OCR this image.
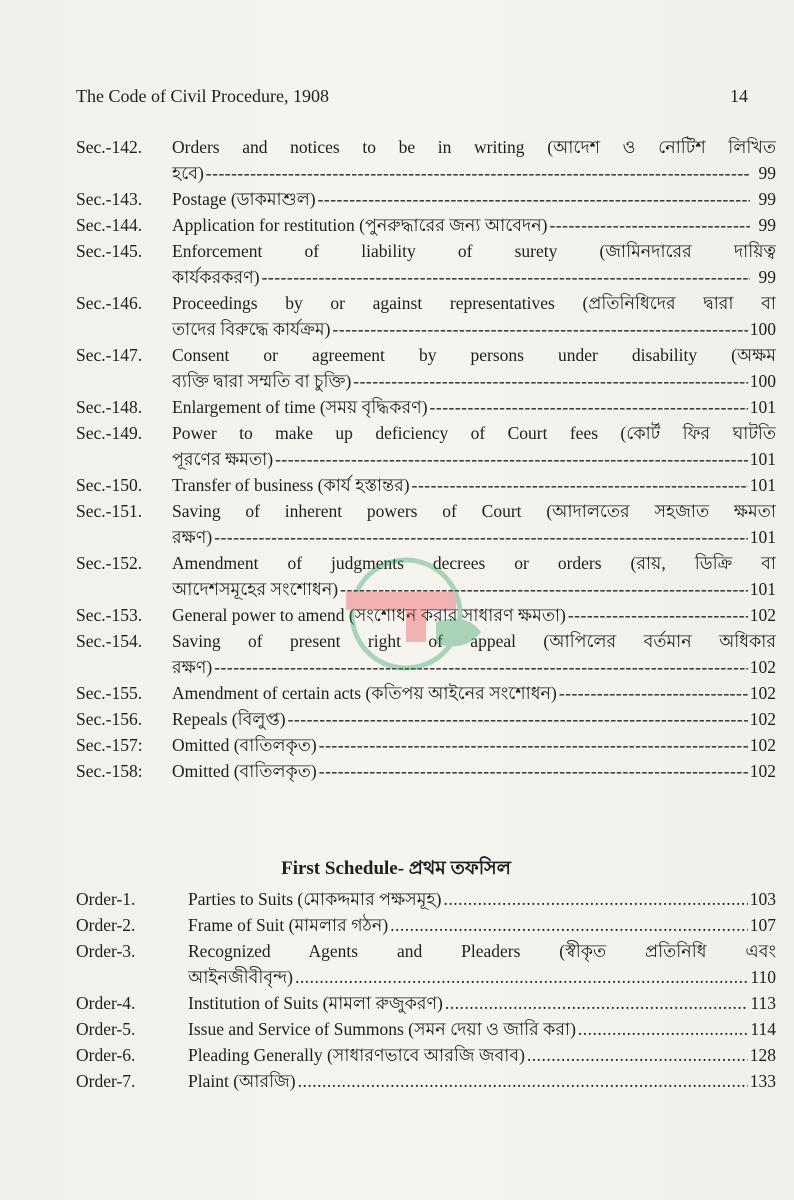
The Code of Civil Procedure, 1908	14
Sec.-142.	Orders and notices to be in writing (আদেশ ও নোটিশ লিখিত
হবে) -----	99
Sec.-143.	Postage (ডাকমাশুল) -----	99
Sec.-144.	Application for restitution (পুনরুদ্ধারের জন্য আবেদন) -----	99
Sec.-145.	Enforcement of liability of surety (জামিনদারের দায়িত্ব
কার্যকরকরণ) -----	99
Sec.-146.	Proceedings by or against representatives (প্রতিনিধিদের দ্বারা বা
তাদের বিরুদ্ধে কার্যক্রম) -----	100
Sec.-147.	Consent or agreement by persons under disability (অক্ষম
ব্যক্তি দ্বারা সম্মতি বা চুক্তি) -----	100
Sec.-148.	Enlargement of time (সময় বৃদ্ধিকরণ) -----	101
Sec.-149.	Power to make up deficiency of Court fees (কোর্ট ফির ঘাটতি
পূরণের ক্ষমতা) -----	101
Sec.-150.	Transfer of business (কার্য হস্তান্তর) -----	101
Sec.-151.	Saving of inherent powers of Court (আদালতের সহজাত ক্ষমতা
রক্ষণ) -----	101
Sec.-152.	Amendment of judgments decrees or orders (রায়, ডিক্রি বা
আদেশসমূহের সংশোধন) -----	101
Sec.-153.	General power to amend (সংশোধন করার সাধারণ ক্ষমতা) -----	102
Sec.-154.	Saving of present right of appeal (আপিলের বর্তমান অধিকার
রক্ষণ) -----	102
Sec.-155.	Amendment of certain acts (কতিপয় আইনের সংশোধন) -----	102
Sec.-156.	Repeals (বিলুপ্ত) -----	102
Sec.-157:	Omitted (বাতিলকৃত) -----	102
Sec.-158:	Omitted (বাতিলকৃত) -----	102
First Schedule- প্রথম তফসিল
Order-1.	Parties to Suits (মোকদ্দমার পক্ষসমূহ) .....	103
Order-2.	Frame of Suit (মামলার গঠন) .....	107
Order-3.	Recognized Agents and Pleaders (স্বীকৃত প্রতিনিধি এবং
আইনজীবীবৃন্দ) .....	110
Order-4.	Institution of Suits (মামলা রুজুকরণ) .....	113
Order-5.	Issue and Service of Summons (সমন দেয়া ও জারি করা) .....	114
Order-6.	Pleading Generally (সাধারণভাবে আরজি জবাব) .....	128
Order-7.	Plaint (আরজি) .....	133
